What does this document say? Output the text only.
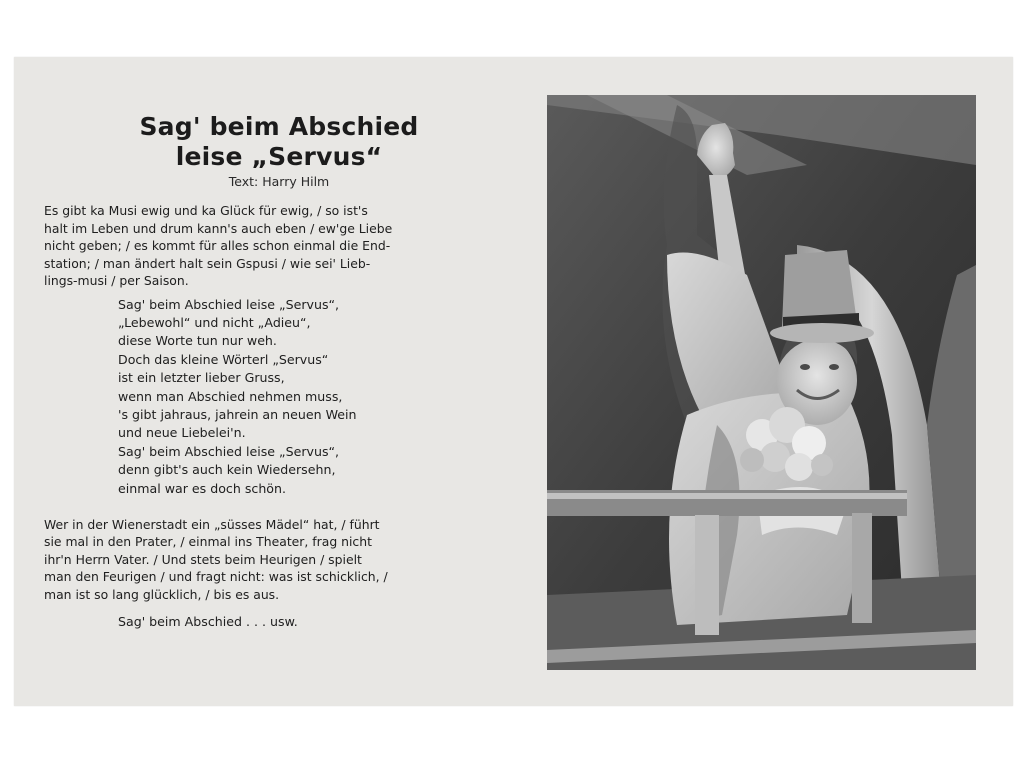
Sag' beim Abschied
leise „Servus“
Text: Harry Hilm

Es gibt ka Musi ewig und ka Glück für ewig, / so ist's

halt im Leben und drum kann's auch eben / ew'ge Liebe

nicht geben; / es kommt für alles schon einmal die End-

station; / man ändert halt sein Gspusi / wie sei' Lieb-

lings-musi / per Saison.

Sag' beim Abschied leise „Servus“,

„Lebewohl“ und nicht „Adieu“,

diese Worte tun nur weh.

Doch das kleine Wörterl „Servus“

ist ein letzter lieber Gruss,

wenn man Abschied nehmen muss,

's gibt jahraus, jahrein an neuen Wein

und neue Liebelei'n.

Sag' beim Abschied leise „Servus“,

denn gibt's auch kein Wiedersehn,

einmal war es doch schön.

Wer in der Wienerstadt ein „süsses Mädel“ hat, / führt

sie mal in den Prater, / einmal ins Theater, frag nicht

ihr'n Herrn Vater. / Und stets beim Heurigen / spielt

man den Feurigen / und fragt nicht: was ist schicklich, /

man ist so lang glücklich, / bis es aus.

Sag' beim Abschied . . . usw.
